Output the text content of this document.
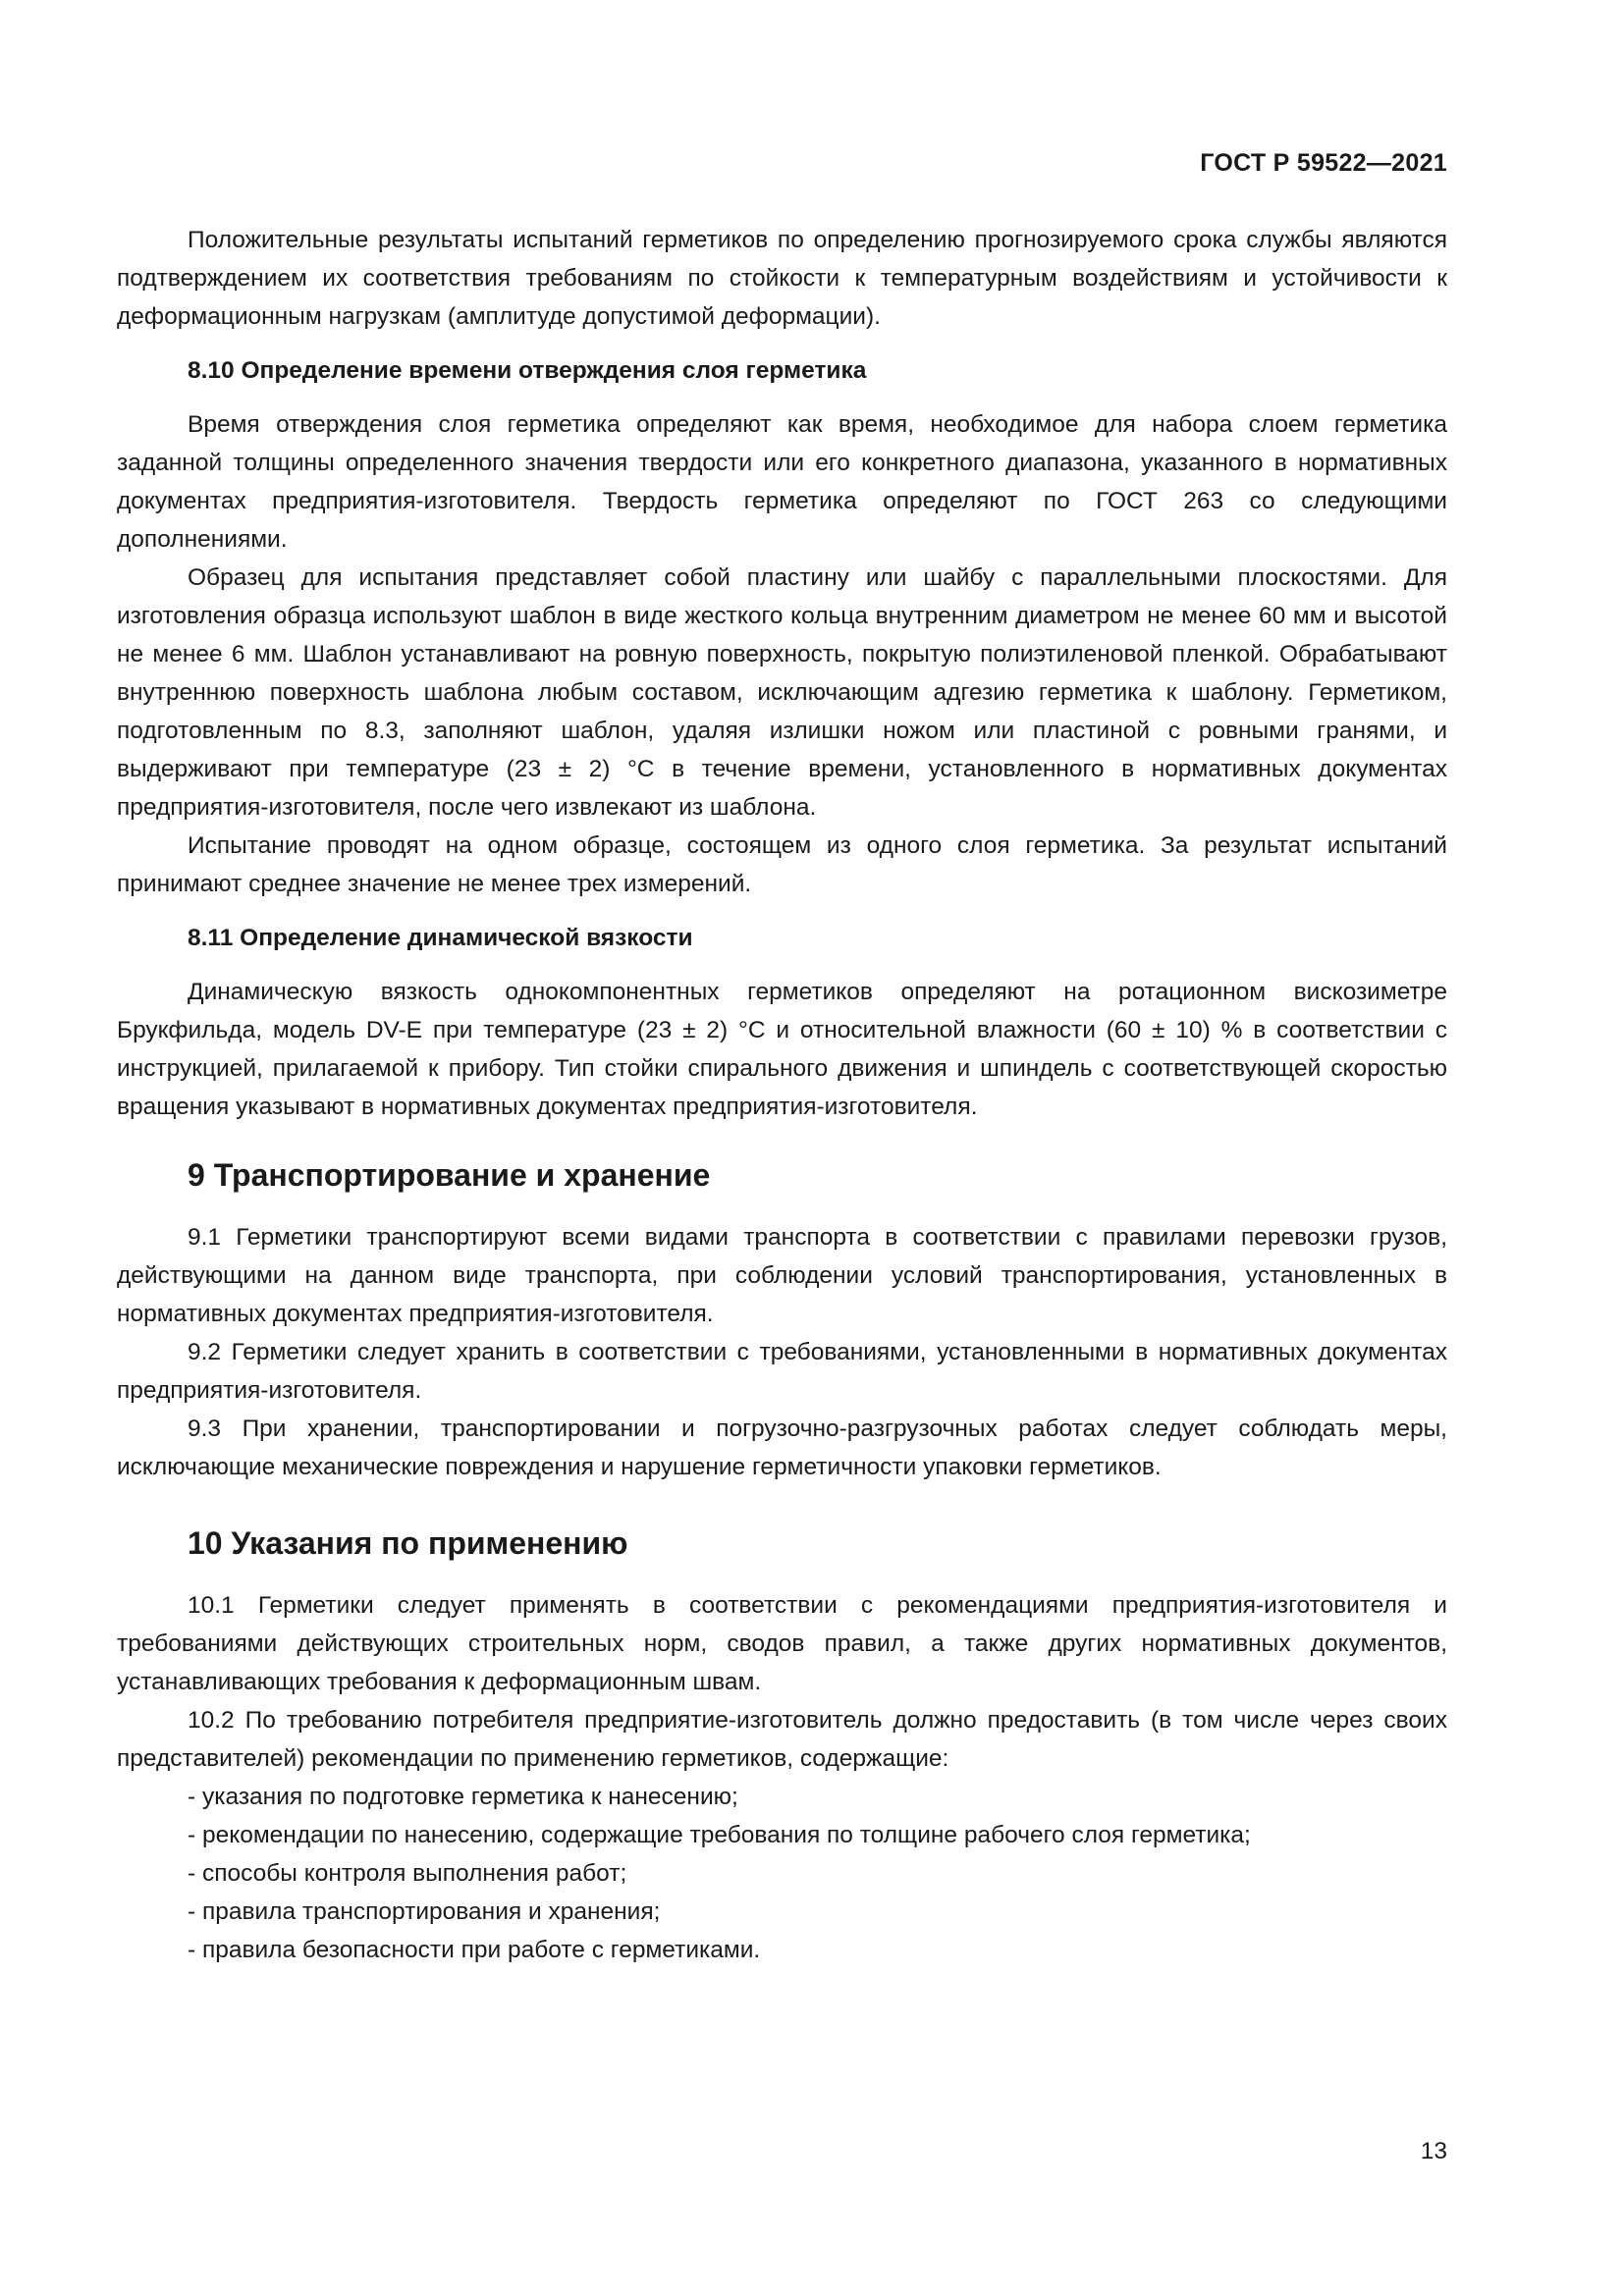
ГОСТ Р 59522—2021

Положительные результаты испытаний герметиков по определению прогнозируемого срока службы являются подтверждением их соответствия требованиям по стойкости к температурным воздействиям и устойчивости к деформационным нагрузкам (амплитуде допустимой деформации).

8.10 Определение времени отверждения слоя герметика

Время отверждения слоя герметика определяют как время, необходимое для набора слоем герметика заданной толщины определенного значения твердости или его конкретного диапазона, указанного в нормативных документах предприятия-изготовителя. Твердость герметика определяют по ГОСТ 263 со следующими дополнениями.

Образец для испытания представляет собой пластину или шайбу с параллельными плоскостями. Для изготовления образца используют шаблон в виде жесткого кольца внутренним диаметром не менее 60 мм и высотой не менее 6 мм. Шаблон устанавливают на ровную поверхность, покрытую полиэтиленовой пленкой. Обрабатывают внутреннюю поверхность шаблона любым составом, исключающим адгезию герметика к шаблону. Герметиком, подготовленным по 8.3, заполняют шаблон, удаляя излишки ножом или пластиной с ровными гранями, и выдерживают при температуре (23 ± 2) °С в течение времени, установленного в нормативных документах предприятия-изготовителя, после чего извлекают из шаблона.

Испытание проводят на одном образце, состоящем из одного слоя герметика. За результат испытаний принимают среднее значение не менее трех измерений.

8.11 Определение динамической вязкости

Динамическую вязкость однокомпонентных герметиков определяют на ротационном вискозиметре Брукфильда, модель DV-E при температуре (23 ± 2) °С и относительной влажности (60 ± 10) % в соответствии с инструкцией, прилагаемой к прибору. Тип стойки спирального движения и шпиндель с соответствующей скоростью вращения указывают в нормативных документах предприятия-изготовителя.

9 Транспортирование и хранение

9.1 Герметики транспортируют всеми видами транспорта в соответствии с правилами перевозки грузов, действующими на данном виде транспорта, при соблюдении условий транспортирования, установленных в нормативных документах предприятия-изготовителя.

9.2 Герметики следует хранить в соответствии с требованиями, установленными в нормативных документах предприятия-изготовителя.

9.3 При хранении, транспортировании и погрузочно-разгрузочных работах следует соблюдать меры, исключающие механические повреждения и нарушение герметичности упаковки герметиков.

10 Указания по применению

10.1 Герметики следует применять в соответствии с рекомендациями предприятия-изготовителя и требованиями действующих строительных норм, сводов правил, а также других нормативных документов, устанавливающих требования к деформационным швам.

10.2 По требованию потребителя предприятие-изготовитель должно предоставить (в том числе через своих представителей) рекомендации по применению герметиков, содержащие:

- указания по подготовке герметика к нанесению;
- рекомендации по нанесению, содержащие требования по толщине рабочего слоя герметика;
- способы контроля выполнения работ;
- правила транспортирования и хранения;
- правила безопасности при работе с герметиками.
13
